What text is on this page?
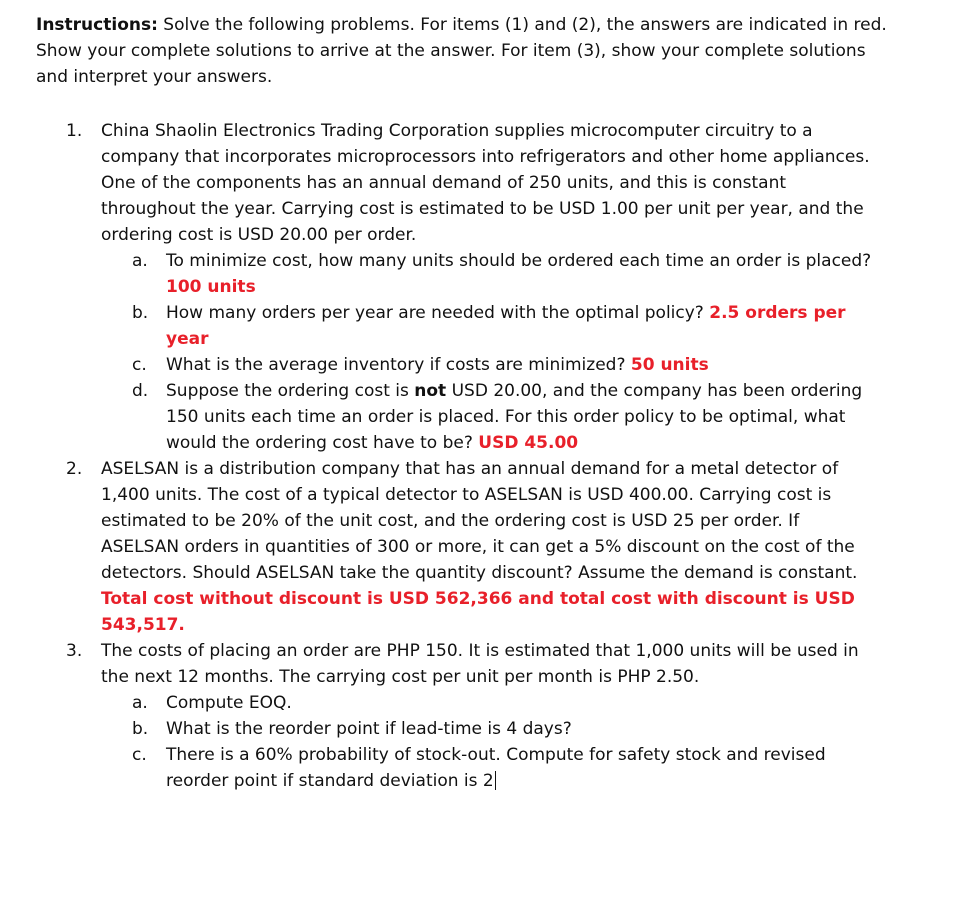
Instructions: Solve the following problems. For items (1) and (2), the answers are indicated in red. Show your complete solutions to arrive at the answer. For item (3), show your complete solutions and interpret your answers.

1. China Shaolin Electronics Trading Corporation supplies microcomputer circuitry to a company that incorporates microprocessors into refrigerators and other home appliances. One of the components has an annual demand of 250 units, and this is constant throughout the year. Carrying cost is estimated to be USD 1.00 per unit per year, and the ordering cost is USD 20.00 per order.
a. To minimize cost, how many units should be ordered each time an order is placed? 100 units
b. How many orders per year are needed with the optimal policy? 2.5 orders per year
c. What is the average inventory if costs are minimized? 50 units
d. Suppose the ordering cost is not USD 20.00, and the company has been ordering 150 units each time an order is placed. For this order policy to be optimal, what would the ordering cost have to be? USD 45.00
2. ASELSAN is a distribution company that has an annual demand for a metal detector of 1,400 units. The cost of a typical detector to ASELSAN is USD 400.00. Carrying cost is estimated to be 20% of the unit cost, and the ordering cost is USD 25 per order. If ASELSAN orders in quantities of 300 or more, it can get a 5% discount on the cost of the detectors. Should ASELSAN take the quantity discount? Assume the demand is constant. Total cost without discount is USD 562,366 and total cost with discount is USD 543,517.
3. The costs of placing an order are PHP 150. It is estimated that 1,000 units will be used in the next 12 months. The carrying cost per unit per month is PHP 2.50.
a. Compute EOQ.
b. What is the reorder point if lead-time is 4 days?
c. There is a 60% probability of stock-out. Compute for safety stock and revised reorder point if standard deviation is 2
